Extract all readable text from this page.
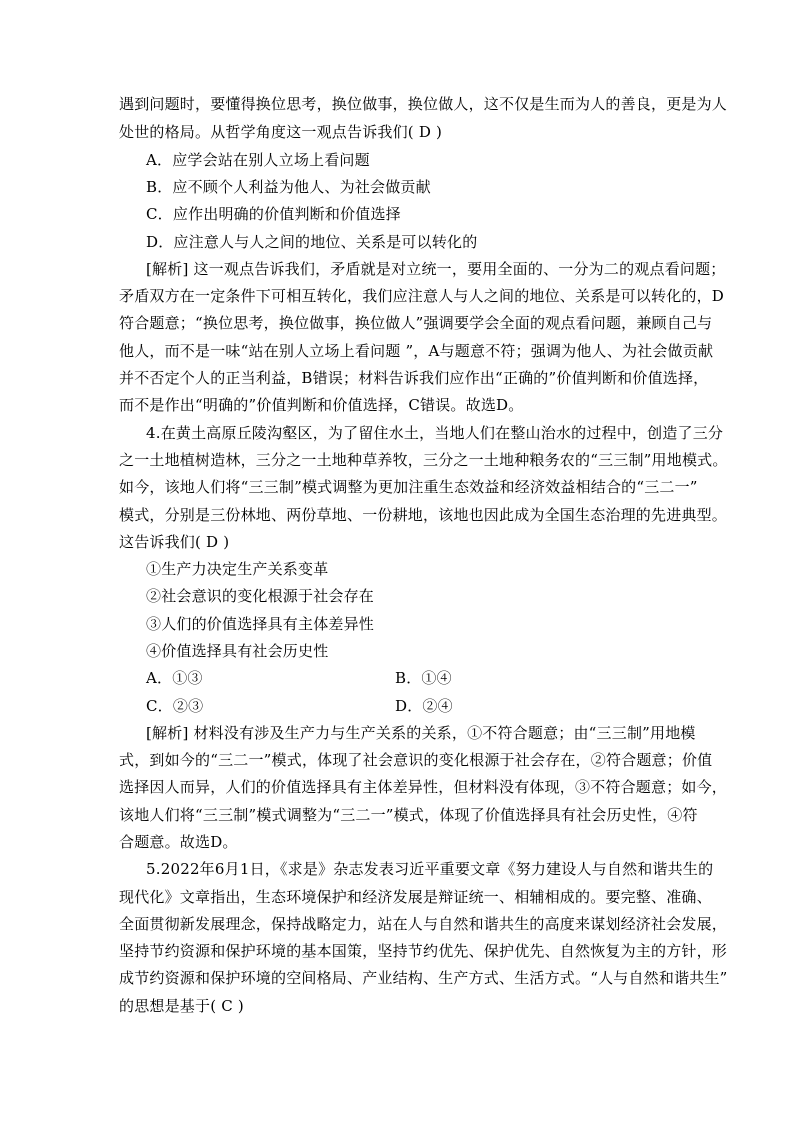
遇到问题时，要懂得换位思考，换位做事，换位做人，这不仅是生而为人的善良，更是为人
处世的格局。从哲学角度这一观点告诉我们( D )
A．应学会站在别人立场上看问题
B．应不顾个人利益为他人、为社会做贡献
C．应作出明确的价值判断和价值选择
D．应注意人与人之间的地位、关系是可以转化的
[解析] 这一观点告诉我们，矛盾就是对立统一，要用全面的、一分为二的观点看问题；
矛盾双方在一定条件下可相互转化，我们应注意人与人之间的地位、关系是可以转化的，D
符合题意；“换位思考，换位做事，换位做人”强调要学会全面的观点看问题，兼顾自己与
他人，而不是一味“站在别人立场上看问题 ”，A与题意不符；强调为他人、为社会做贡献
并不否定个人的正当利益，B错误；材料告诉我们应作出“正确的”价值判断和价值选择，
而不是作出“明确的”价值判断和价值选择，C错误。故选D。
4.在黄土高原丘陵沟壑区，为了留住水土，当地人们在整山治水的过程中，创造了三分
之一土地植树造林，三分之一土地种草养牧，三分之一土地种粮务农的“三三制”用地模式。
如今，该地人们将“三三制”模式调整为更加注重生态效益和经济效益相结合的“三二一”
模式，分别是三份林地、两份草地、一份耕地，该地也因此成为全国生态治理的先进典型。
这告诉我们( D )
①生产力决定生产关系变革
②社会意识的变化根源于社会存在
③人们的价值选择具有主体差异性
④价值选择具有社会历史性
A．①③	B．①④
C．②③	D．②④
[解析] 材料没有涉及生产力与生产关系的关系，①不符合题意；由“三三制”用地模
式，到如今的“三二一”模式，体现了社会意识的变化根源于社会存在，②符合题意；价值
选择因人而异，人们的价值选择具有主体差异性，但材料没有体现，③不符合题意；如今，
该地人们将“三三制”模式调整为“三二一”模式，体现了价值选择具有社会历史性，④符
合题意。故选D。
5.2022年6月1日，《求是》杂志发表习近平重要文章《努力建设人与自然和谐共生的
现代化》文章指出，生态环境保护和经济发展是辩证统一、相辅相成的。要完整、准确、
全面贯彻新发展理念，保持战略定力，站在人与自然和谐共生的高度来谋划经济社会发展，
坚持节约资源和保护环境的基本国策，坚持节约优先、保护优先、自然恢复为主的方针，形
成节约资源和保护环境的空间格局、产业结构、生产方式、生活方式。“人与自然和谐共生”
的思想是基于( C )
